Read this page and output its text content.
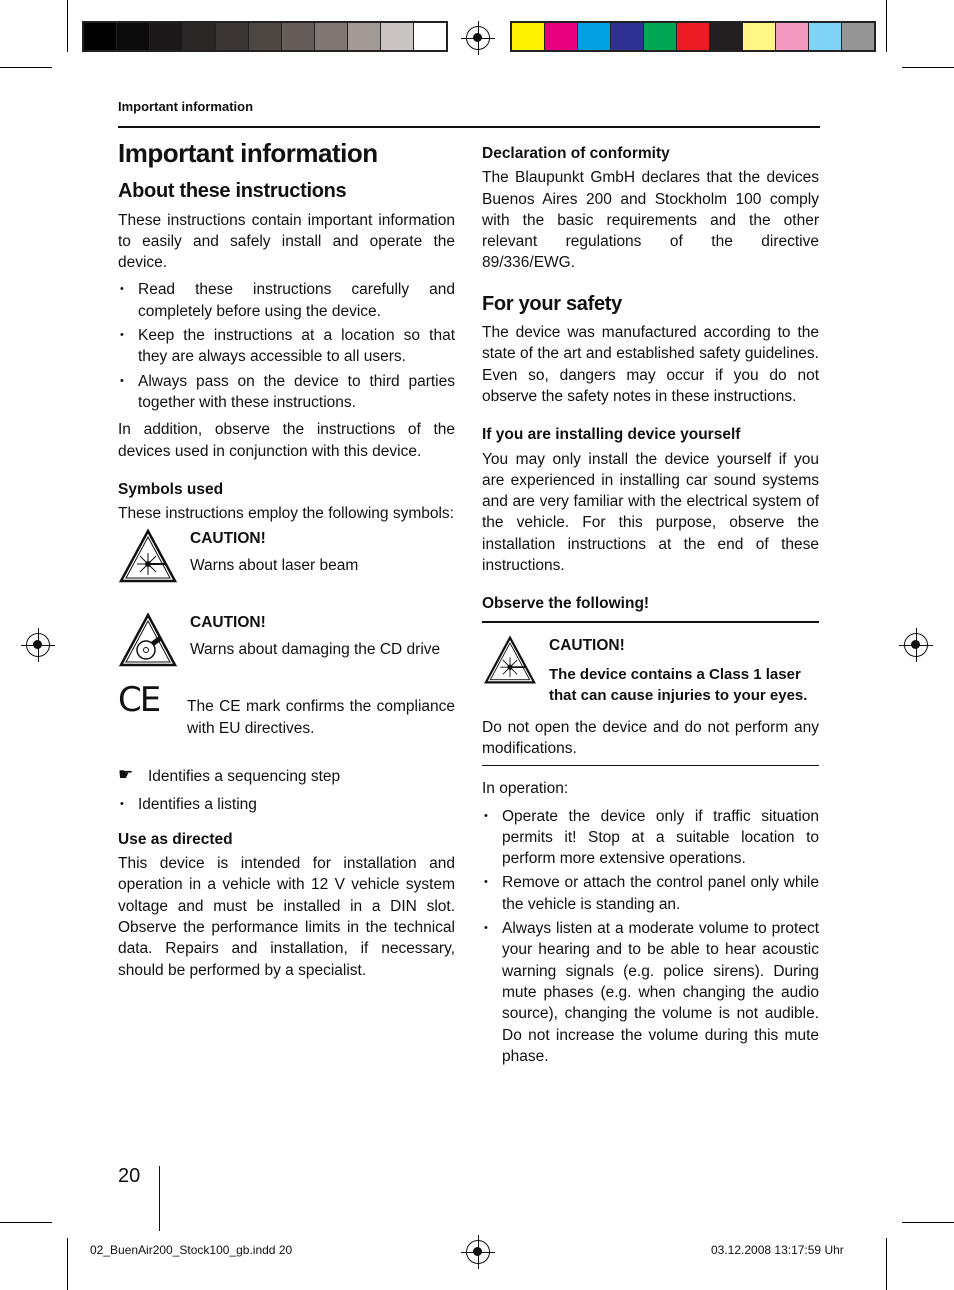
Important information
Important information
About these instructions

These instructions contain important information to easily and safely install and operate the device.

• Read these instructions carefully and completely before using the device.
• Keep the instructions at a location so that they are always accessible to all users.
• Always pass on the device to third parties together with these instructions.

In addition, observe the instructions of the devices used in conjunction with this device.

Symbols used

These instructions employ the following symbols:

CAUTION!
Warns about laser beam
CAUTION!
Warns about damaging the CD drive
CE The CE mark confirms the compliance with EU directives.
☛ Identifies a sequencing step
• Identifies a listing
Use as directed

This device is intended for installation and operation in a vehicle with 12 V vehicle system voltage and must be installed in a DIN slot. Observe the performance limits in the technical data. Repairs and installation, if necessary, should be performed by a specialist.

Declaration of conformity

The Blaupunkt GmbH declares that the devices Buenos Aires 200 and Stockholm 100 comply with the basic requirements and the other relevant regulations of the directive 89/336/EWG.

For your safety

The device was manufactured according to the state of the art and established safety guidelines. Even so, dangers may occur if you do not observe the safety notes in these instructions.

If you are installing device yourself

You may only install the device yourself if you are experienced in installing car sound systems and are very familiar with the electrical system of the vehicle. For this purpose, observe the installation instructions at the end of these instructions.

Observe the following!
CAUTION!
The device contains a Class 1 laser that can cause injuries to your eyes.

Do not open the device and do not perform any modifications.

In operation:

• Operate the device only if traffic situation permits it! Stop at a suitable location to perform more extensive operations.
• Remove or attach the control panel only while the vehicle is standing an.
• Always listen at a moderate volume to protect your hearing and to be able to hear acoustic warning signals (e.g. police sirens). During mute phases (e.g. when changing the audio source), changing the volume is not audible. Do not increase the volume during this mute phase.
20
02_BuenAir200_Stock100_gb.indd 20	03.12.2008 13:17:59 Uhr
